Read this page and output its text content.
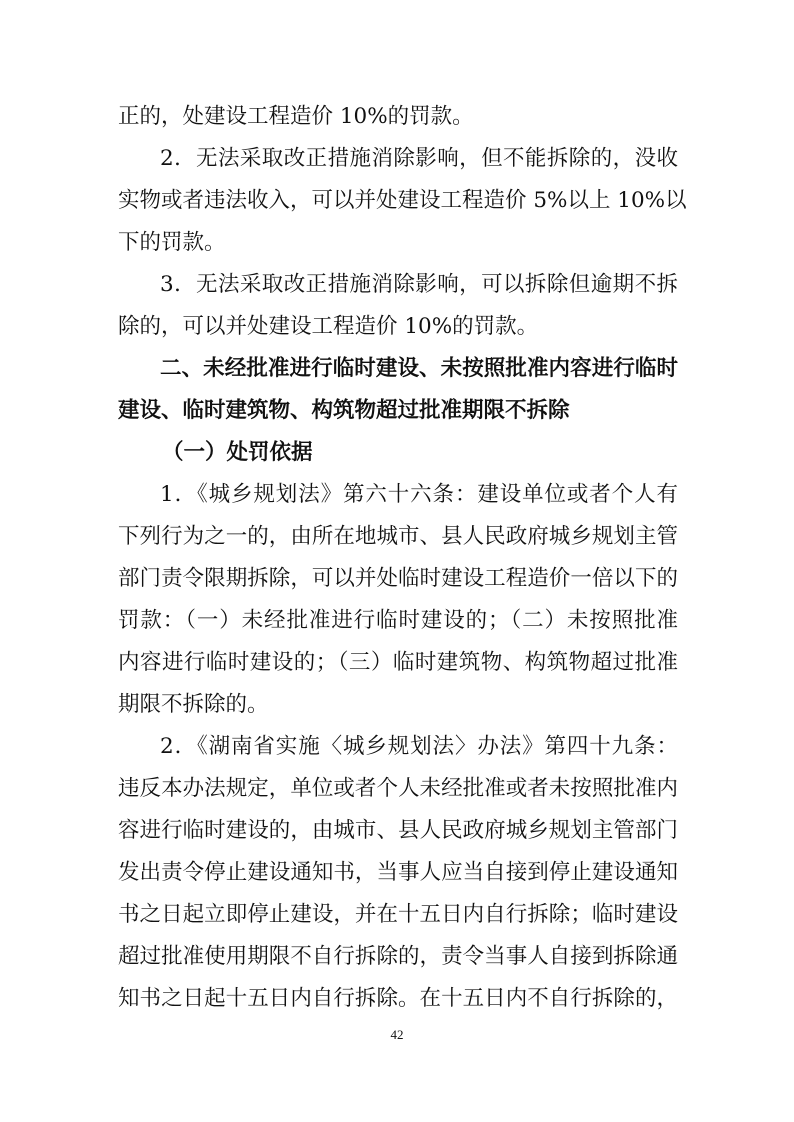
正的，处建设工程造价 10%的罚款。
2．无法采取改正措施消除影响，但不能拆除的，没收
实物或者违法收入，可以并处建设工程造价 5%以上 10%以
下的罚款。
3．无法采取改正措施消除影响，可以拆除但逾期不拆
除的，可以并处建设工程造价 10%的罚款。
二、未经批准进行临时建设、未按照批准内容进行临时
建设、临时建筑物、构筑物超过批准期限不拆除
（一）处罚依据
1．《城乡规划法》第六十六条：建设单位或者个人有
下列行为之一的，由所在地城市、县人民政府城乡规划主管
部门责令限期拆除，可以并处临时建设工程造价一倍以下的
罚款：（一）未经批准进行临时建设的；（二）未按照批准
内容进行临时建设的；（三）临时建筑物、构筑物超过批准
期限不拆除的。
2．《湖南省实施〈城乡规划法〉办法》第四十九条：
违反本办法规定，单位或者个人未经批准或者未按照批准内
容进行临时建设的，由城市、县人民政府城乡规划主管部门
发出责令停止建设通知书，当事人应当自接到停止建设通知
书之日起立即停止建设，并在十五日内自行拆除；临时建设
超过批准使用期限不自行拆除的，责令当事人自接到拆除通
知书之日起十五日内自行拆除。在十五日内不自行拆除的，
42
